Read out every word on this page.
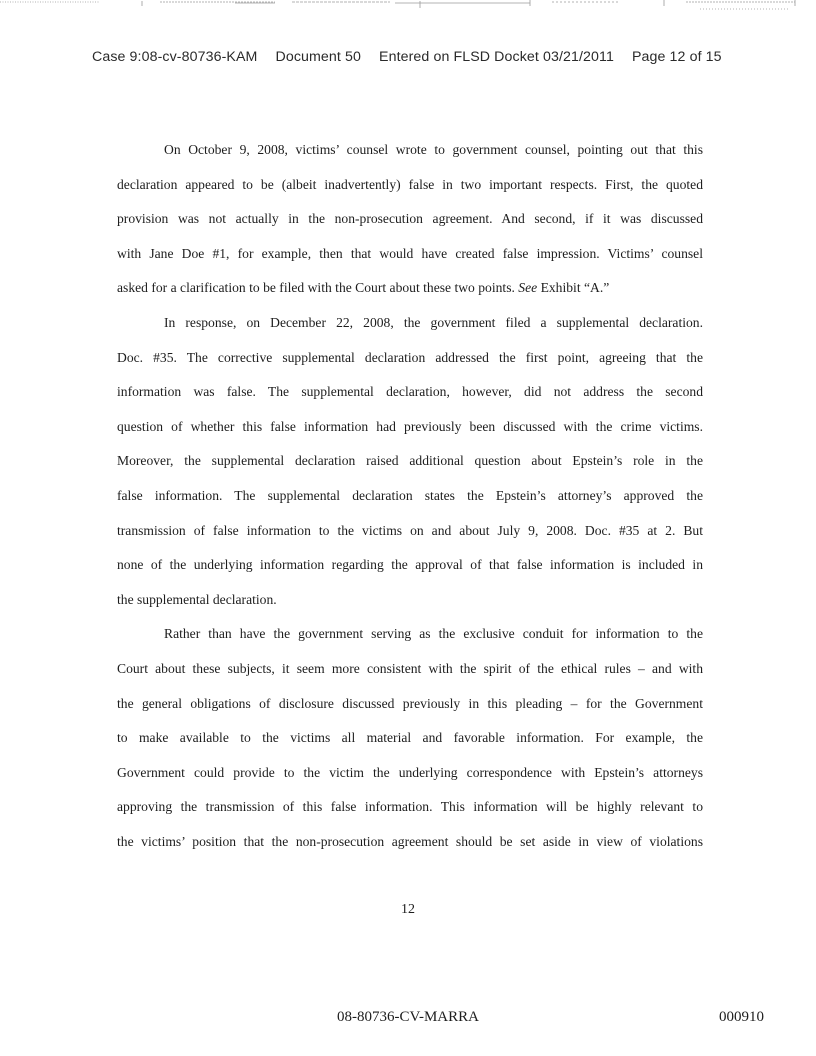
Case 9:08-cv-80736-KAM Document 50 Entered on FLSD Docket 03/21/2011 Page 12 of 15
On October 9, 2008, victims’ counsel wrote to government counsel, pointing out that this
declaration appeared to be (albeit inadvertently) false in two important respects. First, the quoted
provision was not actually in the non-prosecution agreement. And second, if it was discussed
with Jane Doe #1, for example, then that would have created false impression. Victims’ counsel
asked for a clarification to be filed with the Court about these two points. See Exhibit “A.”
In response, on December 22, 2008, the government filed a supplemental declaration.
Doc. #35. The corrective supplemental declaration addressed the first point, agreeing that the
information was false. The supplemental declaration, however, did not address the second
question of whether this false information had previously been discussed with the crime victims.
Moreover, the supplemental declaration raised additional question about Epstein’s role in the
false information. The supplemental declaration states the Epstein’s attorney’s approved the
transmission of false information to the victims on and about July 9, 2008. Doc. #35 at 2. But
none of the underlying information regarding the approval of that false information is included in
the supplemental declaration.
Rather than have the government serving as the exclusive conduit for information to the
Court about these subjects, it seem more consistent with the spirit of the ethical rules – and with
the general obligations of disclosure discussed previously in this pleading – for the Government
to make available to the victims all material and favorable information. For example, the
Government could provide to the victim the underlying correspondence with Epstein’s attorneys
approving the transmission of this false information. This information will be highly relevant to
the victims’ position that the non-prosecution agreement should be set aside in view of violations
12
08-80736-CV-MARRA	000910
